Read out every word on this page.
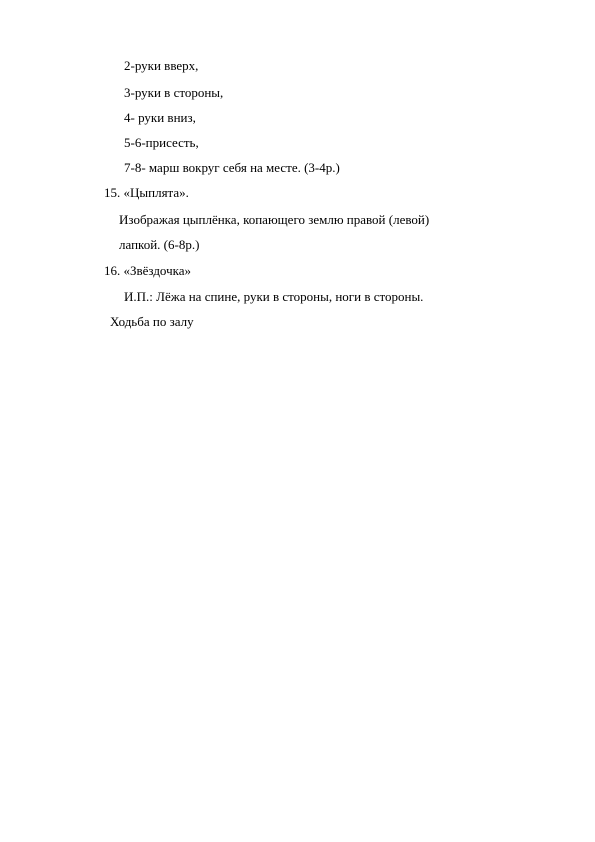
2-руки вверх,
3-руки в стороны,
4- руки вниз,
5-6-присесть,
7-8- марш вокруг себя на месте. (3-4р.)
15. «Цыплята».
Изображая цыплёнка, копающего землю правой (левой)
лапкой. (6-8р.)
16. «Звёздочка»
И.П.: Лёжа на спине, руки в стороны, ноги в стороны.
Ходьба по залу
